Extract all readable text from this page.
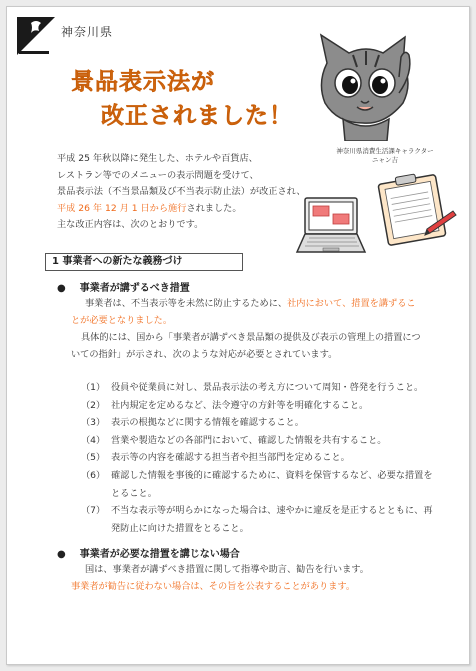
神奈川県
景品表示法が
改正されました！
神奈川県消費生活課キャラクター
ニャン吉
平成 25 年秋以降に発生した、ホテルや百貨店、
レストラン等でのメニューの表示問題を受けて、
景品表示法（不当景品類及び不当表示防止法）が改正され、
平成 26 年 12 月 1 日から施行されました。
主な改正内容は、次のとおりです。
1 事業者への新たな義務づけ
● 事業者が講ずるべき措置
事業者は、不当表示等を未然に防止するために、社内において、措置を講ずることが必要となりました。
具体的には、国から「事業者が講ずべき景品類の提供及び表示の管理上の措置についての指針」が示され、次のような対応が必要とされています。
（1） 役員や従業員に対し、景品表示法の考え方について周知・啓発を行うこと。
（2） 社内規定を定めるなど、法令遵守の方針等を明確化すること。
（3） 表示の根拠などに関する情報を確認すること。
（4） 営業や製造などの各部門において、確認した情報を共有すること。
（5） 表示等の内容を確認する担当者や担当部門を定めること。
（6） 確認した情報を事後的に確認するために、資料を保管するなど、必要な措置をとること。
（7） 不当な表示等が明らかになった場合は、速やかに違反を是正するとともに、再発防止に向けた措置をとること。
● 事業者が必要な措置を講じない場合
国は、事業者が講ずべき措置に関して指導や助言、勧告を行います。
事業者が勧告に従わない場合は、その旨を公表することがあります。
